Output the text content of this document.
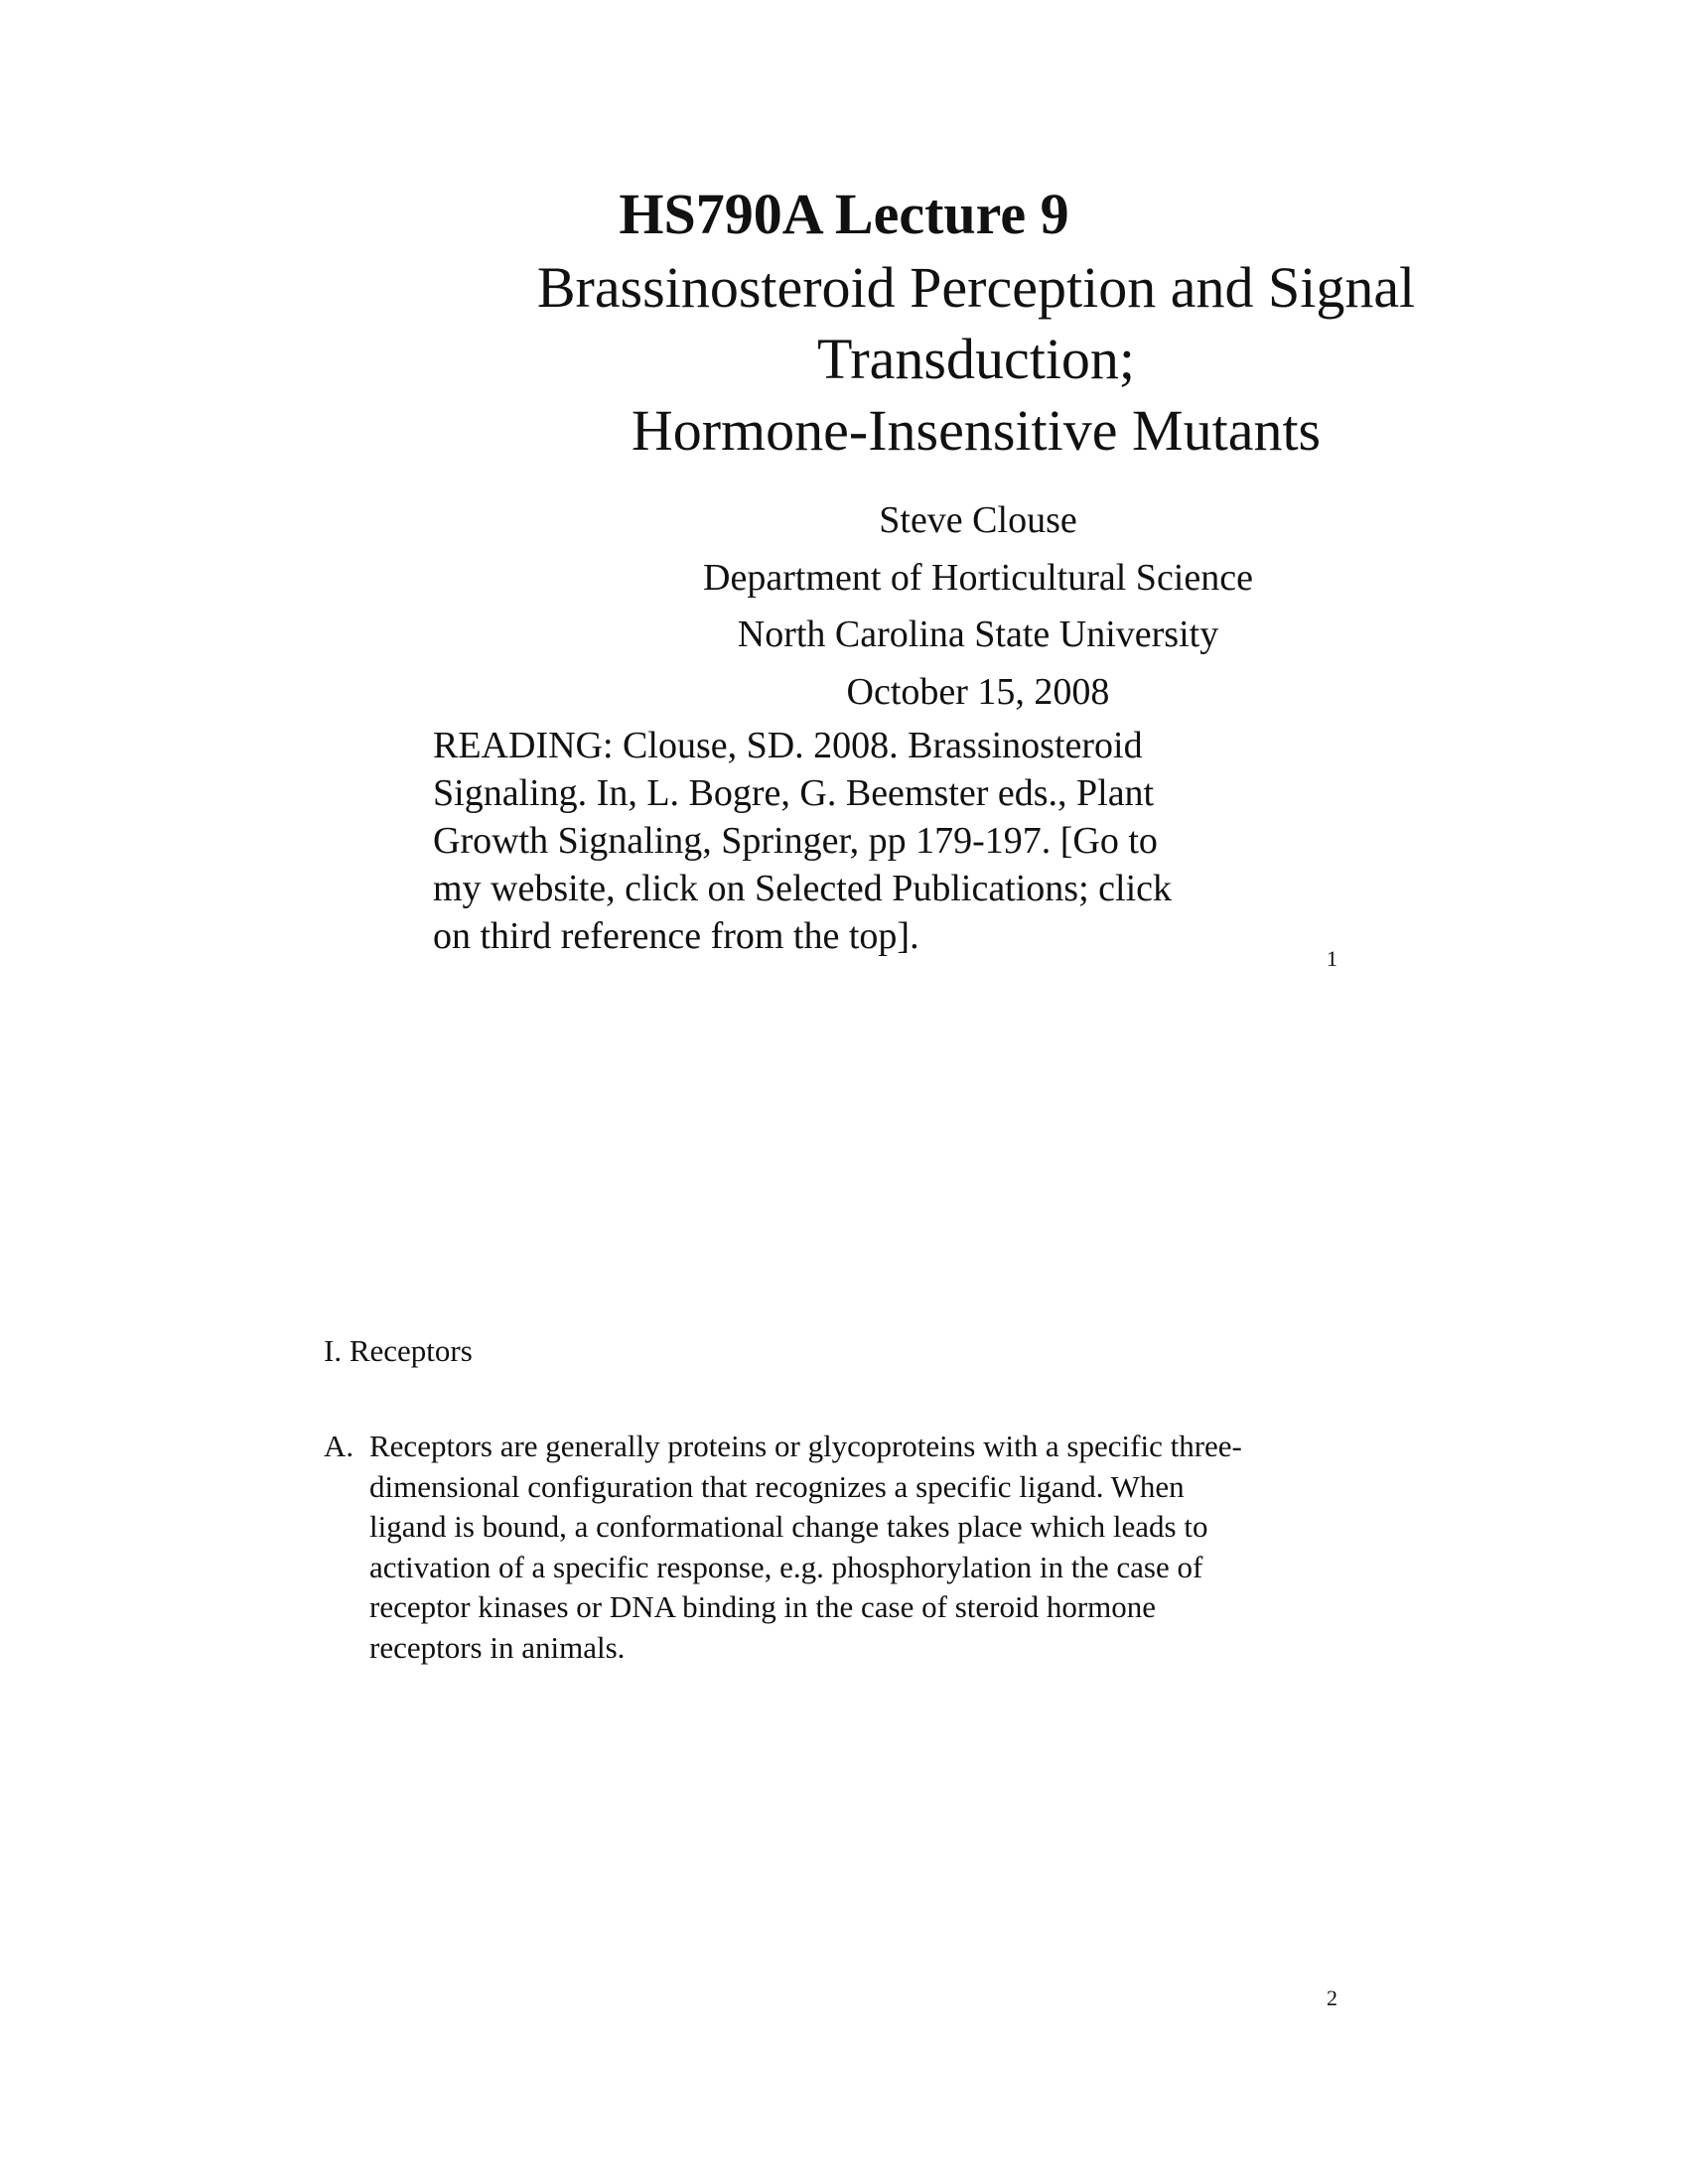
HS790A Lecture 9
Brassinosteroid Perception and Signal
Transduction;
Hormone-Insensitive Mutants
Steve Clouse
Department of Horticultural Science
North Carolina State University
October 15, 2008
READING: Clouse, SD. 2008. Brassinosteroid
Signaling. In, L. Bogre, G. Beemster eds., Plant
Growth Signaling, Springer, pp 179-197. [Go to
my website, click on Selected Publications; click
on third reference from the top].
1
I. Receptors
A. Receptors are generally proteins or glycoproteins with a specific three-
dimensional configuration that recognizes a specific ligand. When
ligand is bound, a conformational change takes place which leads to
activation of a specific response, e.g. phosphorylation in the case of
receptor kinases or DNA binding in the case of steroid hormone
receptors in animals.
2
